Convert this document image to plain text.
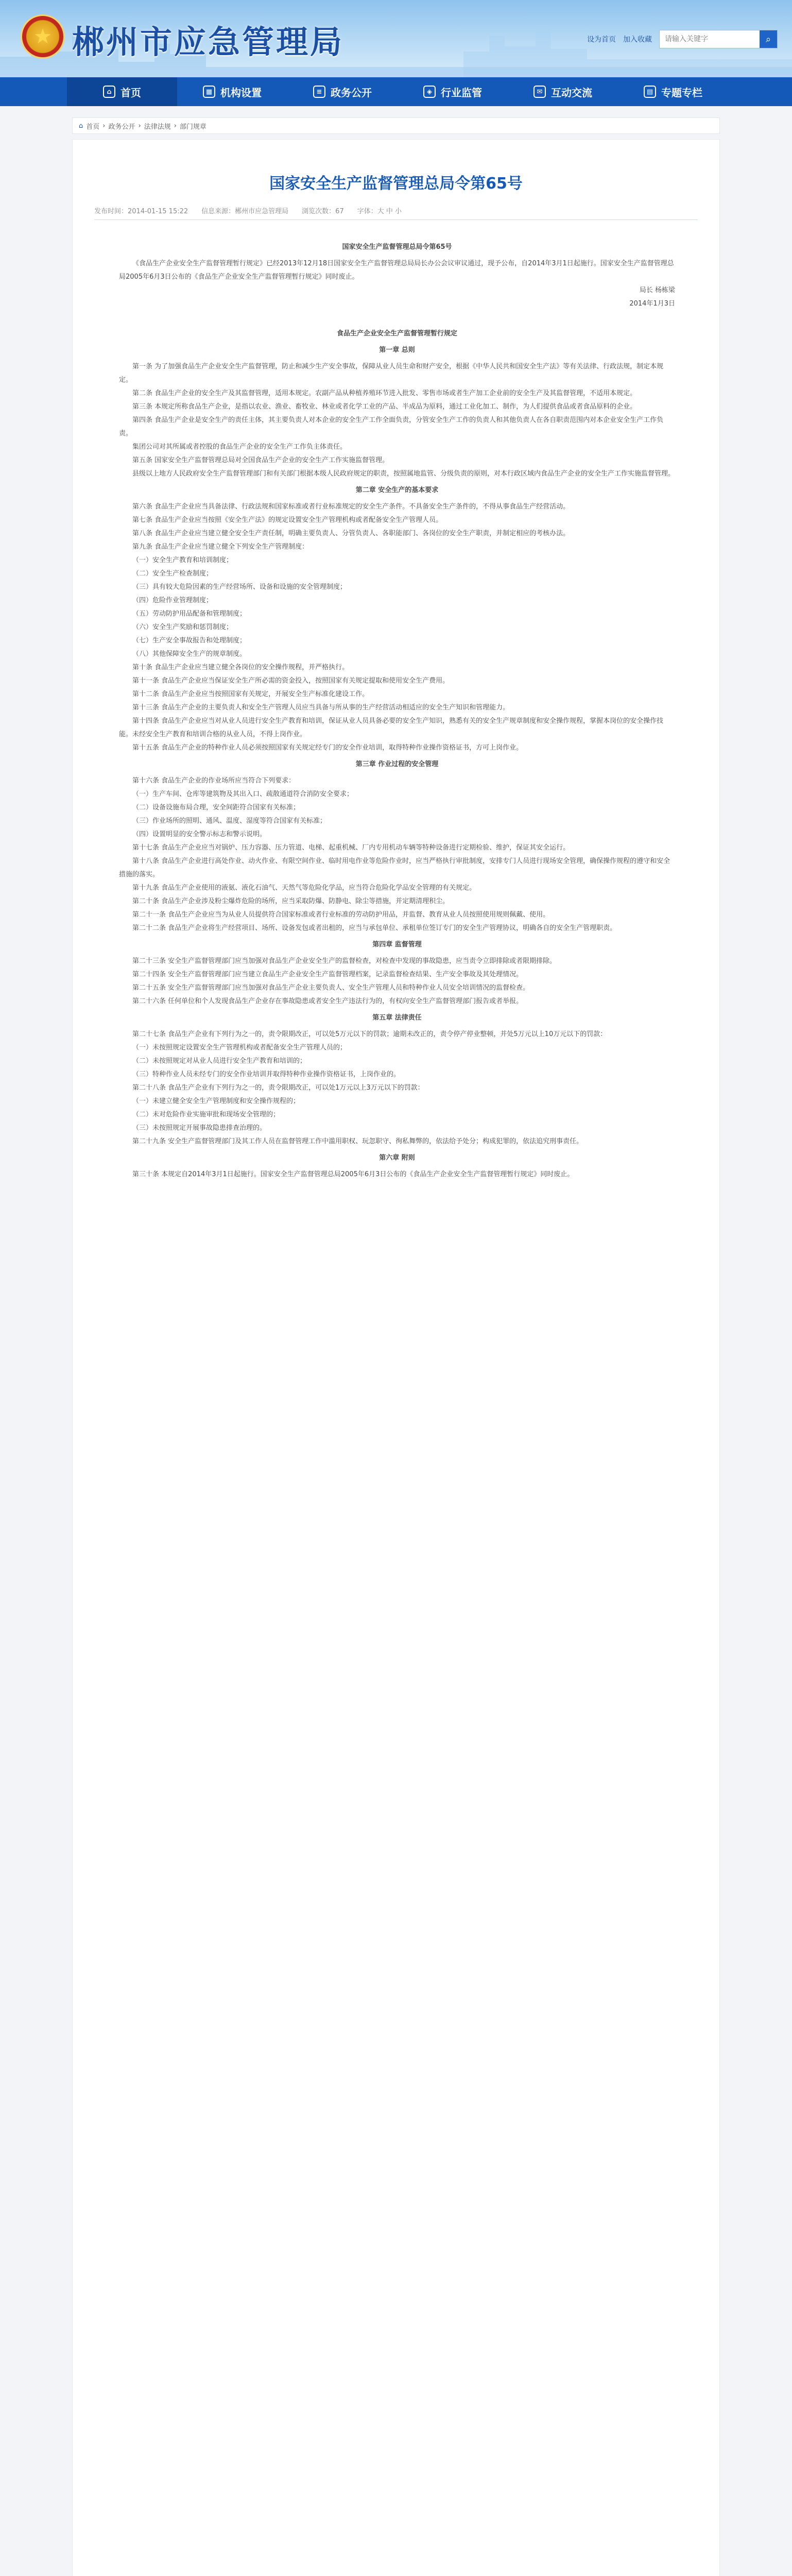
★ 郴州市应急管理局	设为首页 加入收藏
请输入关键字	⌕
⌂ 首页	▦ 机构设置	≡ 政务公开	◈ 行业监管	✉ 互动交流	▤ 专题专栏
⌂ 首页 › 政务公开 › 法律法规 › 部门规章
国家安全生产监督管理总局令第65号
发布时间：2014-01-15 15:22 信息来源：郴州市应急管理局 浏览次数：67 字体：大 中 小

国家安全生产监督管理总局令第65号

《食品生产企业安全生产监督管理暂行规定》已经2013年12月18日国家安全生产监督管理总局局长办公会议审议通过，现予公布，自2014年3月1日起施行。国家安全生产监督管理总局2005年6月3日公布的《食品生产企业安全生产监督管理暂行规定》同时废止。

局长 杨栋梁

2014年1月3日

食品生产企业安全生产监督管理暂行规定

第一章 总则

第一条 为了加强食品生产企业安全生产监督管理，防止和减少生产安全事故，保障从业人员生命和财产安全，根据《中华人民共和国安全生产法》等有关法律、行政法规，制定本规定。

第二条 食品生产企业的安全生产及其监督管理，适用本规定。农副产品从种植养殖环节进入批发、零售市场或者生产加工企业前的安全生产及其监督管理，不适用本规定。

第三条 本规定所称食品生产企业，是指以农业、渔业、畜牧业、林业或者化学工业的产品、半成品为原料，通过工业化加工、制作，为人们提供食品或者食品原料的企业。

第四条 食品生产企业是安全生产的责任主体，其主要负责人对本企业的安全生产工作全面负责，分管安全生产工作的负责人和其他负责人在各自职责范围内对本企业安全生产工作负责。

集团公司对其所属或者控股的食品生产企业的安全生产工作负主体责任。

第五条 国家安全生产监督管理总局对全国食品生产企业的安全生产工作实施监督管理。

县级以上地方人民政府安全生产监督管理部门和有关部门根据本级人民政府规定的职责，按照属地监管、分级负责的原则，对本行政区域内食品生产企业的安全生产工作实施监督管理。

第二章 安全生产的基本要求

第六条 食品生产企业应当具备法律、行政法规和国家标准或者行业标准规定的安全生产条件。不具备安全生产条件的，不得从事食品生产经营活动。

第七条 食品生产企业应当按照《安全生产法》的规定设置安全生产管理机构或者配备安全生产管理人员。

第八条 食品生产企业应当建立健全安全生产责任制，明确主要负责人、分管负责人、各职能部门、各岗位的安全生产职责，并制定相应的考核办法。

第九条 食品生产企业应当建立健全下列安全生产管理制度：

（一）安全生产教育和培训制度；

（二）安全生产检查制度；

（三）具有较大危险因素的生产经营场所、设备和设施的安全管理制度；

（四）危险作业管理制度；

（五）劳动防护用品配备和管理制度；

（六）安全生产奖励和惩罚制度；

（七）生产安全事故报告和处理制度；

（八）其他保障安全生产的规章制度。

第十条 食品生产企业应当建立健全各岗位的安全操作规程，并严格执行。

第十一条 食品生产企业应当保证安全生产所必需的资金投入，按照国家有关规定提取和使用安全生产费用。

第十二条 食品生产企业应当按照国家有关规定，开展安全生产标准化建设工作。

第十三条 食品生产企业的主要负责人和安全生产管理人员应当具备与所从事的生产经营活动相适应的安全生产知识和管理能力。

第十四条 食品生产企业应当对从业人员进行安全生产教育和培训，保证从业人员具备必要的安全生产知识，熟悉有关的安全生产规章制度和安全操作规程，掌握本岗位的安全操作技能。未经安全生产教育和培训合格的从业人员，不得上岗作业。

第十五条 食品生产企业的特种作业人员必须按照国家有关规定经专门的安全作业培训，取得特种作业操作资格证书，方可上岗作业。

第三章 作业过程的安全管理

第十六条 食品生产企业的作业场所应当符合下列要求：

（一）生产车间、仓库等建筑物及其出入口、疏散通道符合消防安全要求；

（二）设备设施布局合理，安全间距符合国家有关标准；

（三）作业场所的照明、通风、温度、湿度等符合国家有关标准；

（四）设置明显的安全警示标志和警示说明。

第十七条 食品生产企业应当对锅炉、压力容器、压力管道、电梯、起重机械、厂内专用机动车辆等特种设备进行定期检验、维护，保证其安全运行。

第十八条 食品生产企业进行高处作业、动火作业、有限空间作业、临时用电作业等危险作业时，应当严格执行审批制度，安排专门人员进行现场安全管理，确保操作规程的遵守和安全措施的落实。

第十九条 食品生产企业使用的液氨、液化石油气、天然气等危险化学品，应当符合危险化学品安全管理的有关规定。

第二十条 食品生产企业涉及粉尘爆炸危险的场所，应当采取防爆、防静电、除尘等措施，并定期清理积尘。

第二十一条 食品生产企业应当为从业人员提供符合国家标准或者行业标准的劳动防护用品，并监督、教育从业人员按照使用规则佩戴、使用。

第二十二条 食品生产企业将生产经营项目、场所、设备发包或者出租的，应当与承包单位、承租单位签订专门的安全生产管理协议，明确各自的安全生产管理职责。

第四章 监督管理

第二十三条 安全生产监督管理部门应当加强对食品生产企业安全生产的监督检查，对检查中发现的事故隐患，应当责令立即排除或者限期排除。

第二十四条 安全生产监督管理部门应当建立食品生产企业安全生产监督管理档案，记录监督检查结果、生产安全事故及其处理情况。

第二十五条 安全生产监督管理部门应当加强对食品生产企业主要负责人、安全生产管理人员和特种作业人员安全培训情况的监督检查。

第二十六条 任何单位和个人发现食品生产企业存在事故隐患或者安全生产违法行为的，有权向安全生产监督管理部门报告或者举报。

第五章 法律责任

第二十七条 食品生产企业有下列行为之一的，责令限期改正，可以处5万元以下的罚款；逾期未改正的，责令停产停业整顿，并处5万元以上10万元以下的罚款：

（一）未按照规定设置安全生产管理机构或者配备安全生产管理人员的；

（二）未按照规定对从业人员进行安全生产教育和培训的；

（三）特种作业人员未经专门的安全作业培训并取得特种作业操作资格证书，上岗作业的。

第二十八条 食品生产企业有下列行为之一的，责令限期改正，可以处1万元以上3万元以下的罚款：

（一）未建立健全安全生产管理制度和安全操作规程的；

（二）未对危险作业实施审批和现场安全管理的；

（三）未按照规定开展事故隐患排查治理的。

第二十九条 安全生产监督管理部门及其工作人员在监督管理工作中滥用职权、玩忽职守、徇私舞弊的，依法给予处分；构成犯罪的，依法追究刑事责任。

第六章 附则

第三十条 本规定自2014年3月1日起施行。国家安全生产监督管理总局2005年6月3日公布的《食品生产企业安全生产监督管理暂行规定》同时废止。
